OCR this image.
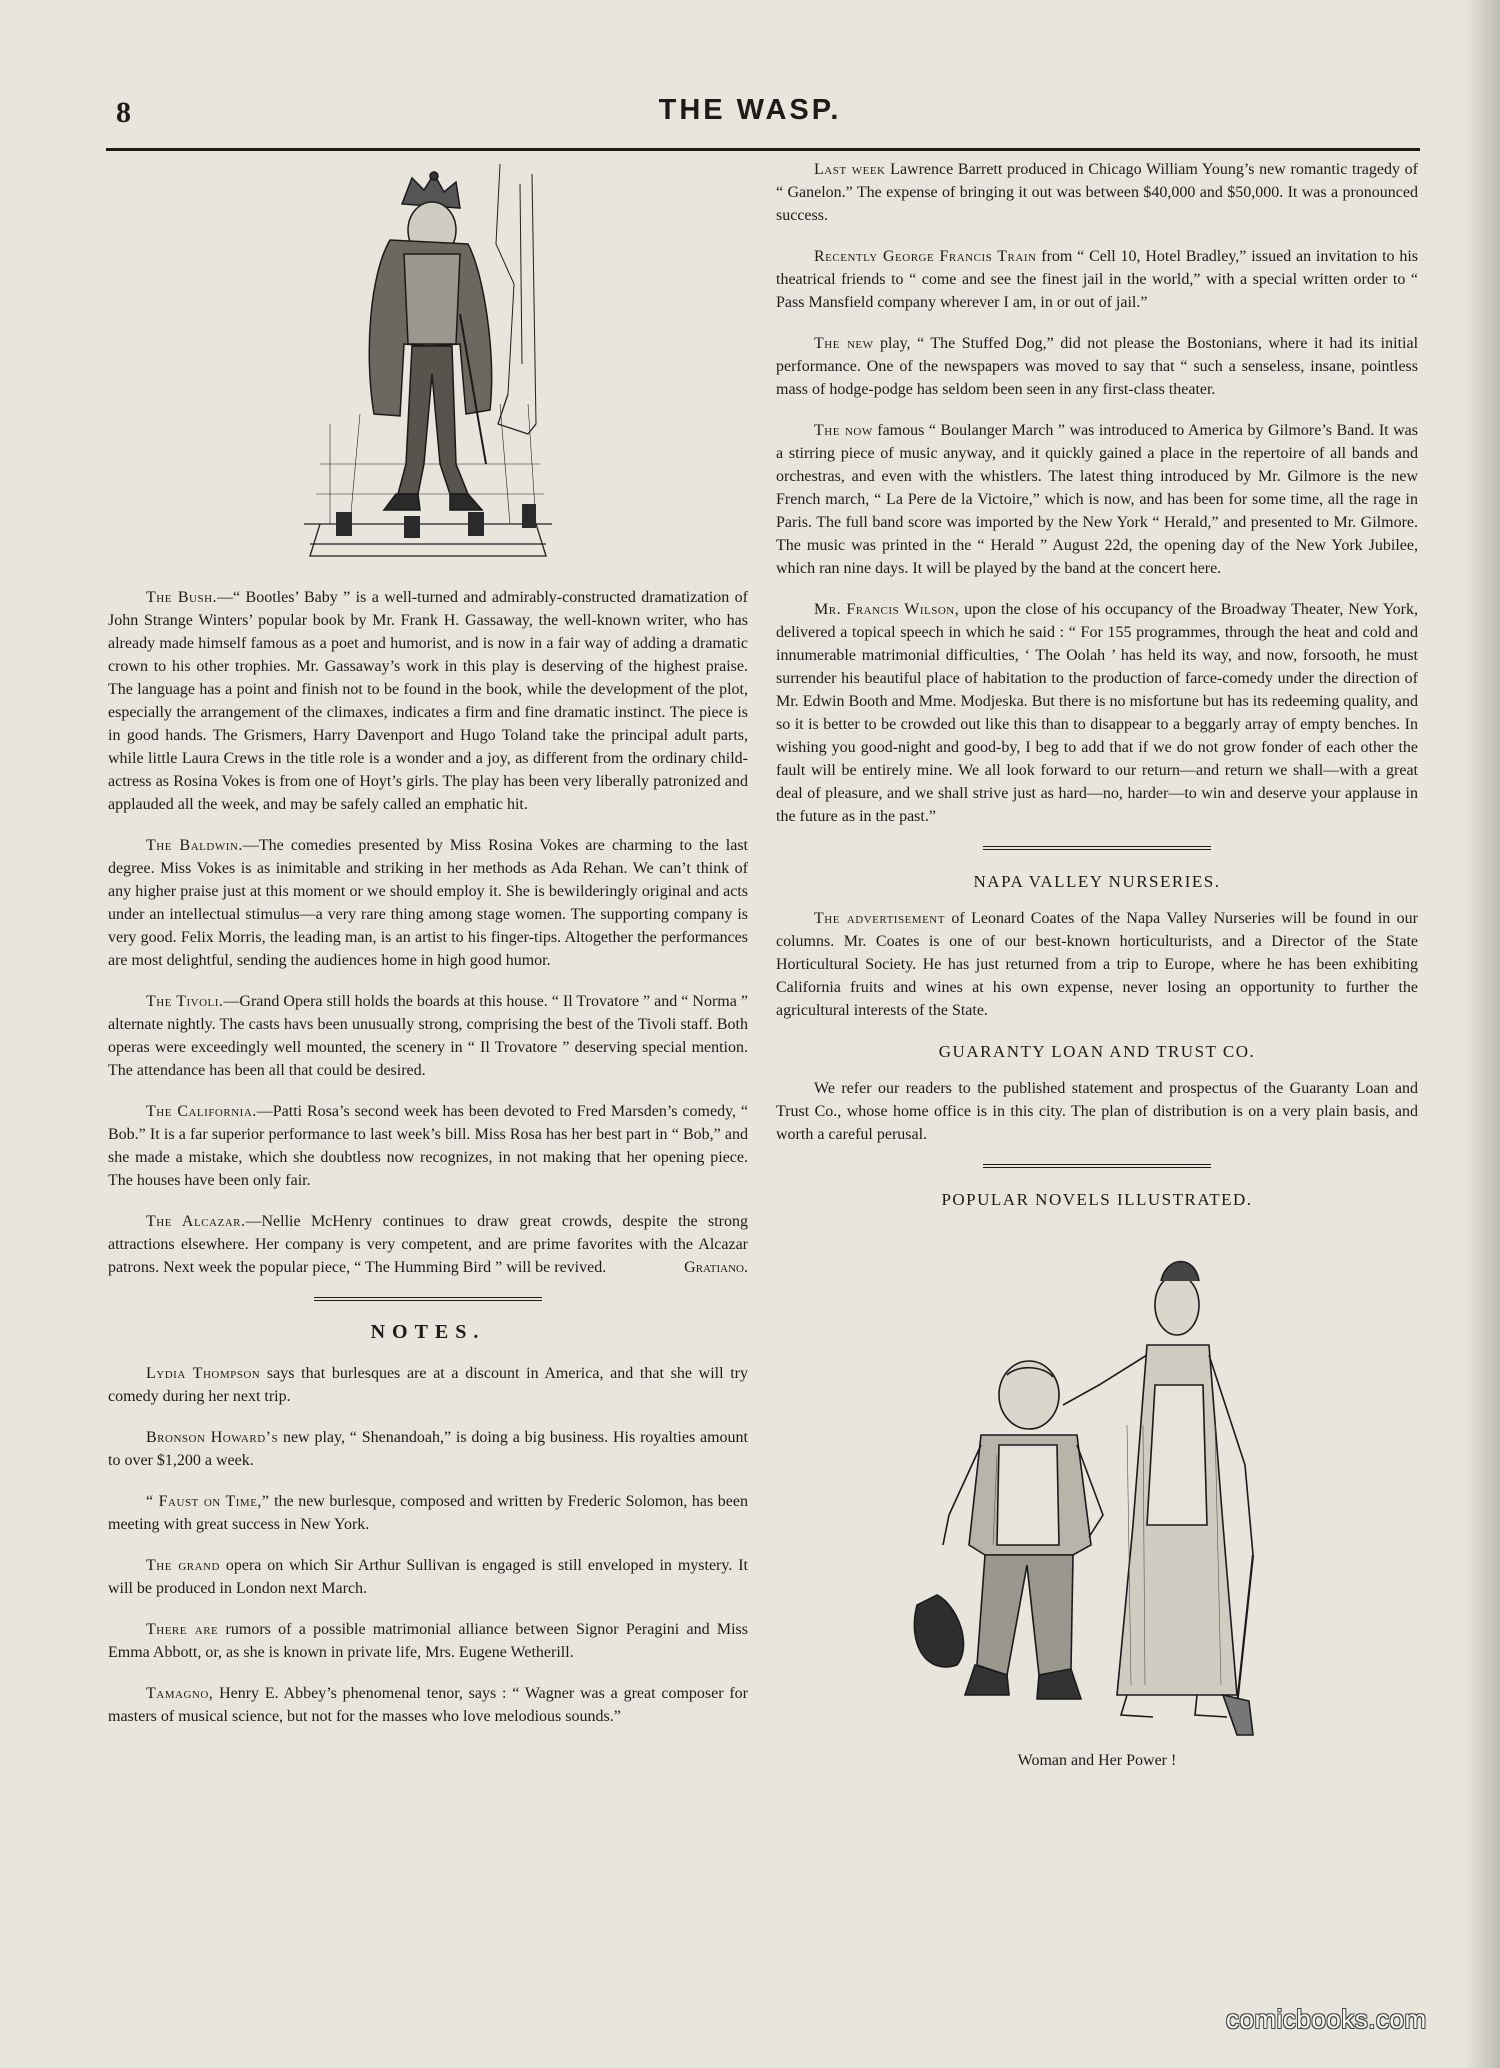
8	THE WASP.

The Bush.—“ Bootles’ Baby ” is a well-turned and admirably-constructed dramatization of John Strange Winters’ popular book by Mr. Frank H. Gassaway, the well-known writer, who has already made himself famous as a poet and humorist, and is now in a fair way of adding a dramatic crown to his other trophies. Mr. Gassaway’s work in this play is deserving of the highest praise. The language has a point and finish not to be found in the book, while the development of the plot, especially the arrangement of the climaxes, indicates a firm and fine dramatic instinct. The piece is in good hands. The Grismers, Harry Davenport and Hugo Toland take the principal adult parts, while little Laura Crews in the title role is a wonder and a joy, as different from the ordinary child-actress as Rosina Vokes is from one of Hoyt’s girls. The play has been very liberally patronized and applauded all the week, and may be safely called an emphatic hit.

The Baldwin.—The comedies presented by Miss Rosina Vokes are charming to the last degree. Miss Vokes is as inimitable and striking in her methods as Ada Rehan. We can’t think of any higher praise just at this moment or we should employ it. She is bewilderingly original and acts under an intellectual stimulus—a very rare thing among stage women. The supporting company is very good. Felix Morris, the leading man, is an artist to his finger-tips. Altogether the performances are most delightful, sending the audiences home in high good humor.

The Tivoli.—Grand Opera still holds the boards at this house. “ Il Trovatore ” and “ Norma ” alternate nightly. The casts havs been unusually strong, comprising the best of the Tivoli staff. Both operas were exceedingly well mounted, the scenery in “ Il Trovatore ” deserving special mention. The attendance has been all that could be desired.

The California.—Patti Rosa’s second week has been devoted to Fred Marsden’s comedy, “ Bob.” It is a far superior performance to last week’s bill. Miss Rosa has her best part in “ Bob,” and she made a mistake, which she doubtless now recognizes, in not making that her opening piece. The houses have been only fair.

The Alcazar.—Nellie McHenry continues to draw great crowds, despite the strong attractions elsewhere. Her company is very competent, and are prime favorites with the Alcazar patrons. Next week the popular piece, “ The Humming Bird ” will be revived.	Gratiano.

NOTES.

Lydia Thompson says that burlesques are at a discount in America, and that she will try comedy during her next trip.

Bronson Howard’s new play, “ Shenandoah,” is doing a big business. His royalties amount to over $1,200 a week.

“ Faust on Time,” the new burlesque, composed and written by Frederic Solomon, has been meeting with great success in New York.

The grand opera on which Sir Arthur Sullivan is engaged is still enveloped in mystery. It will be produced in London next March.

There are rumors of a possible matrimonial alliance between Signor Peragini and Miss Emma Abbott, or, as she is known in private life, Mrs. Eugene Wetherill.

Tamagno, Henry E. Abbey’s phenomenal tenor, says : “ Wagner was a great composer for masters of musical science, but not for the masses who love melodious sounds.”

Last week Lawrence Barrett produced in Chicago William Young’s new romantic tragedy of “ Ganelon.” The expense of bringing it out was between $40,000 and $50,000. It was a pronounced success.

Recently George Francis Train from “ Cell 10, Hotel Bradley,” issued an invitation to his theatrical friends to “ come and see the finest jail in the world,” with a special written order to “ Pass Mansfield company wherever I am, in or out of jail.”

The new play, “ The Stuffed Dog,” did not please the Bostonians, where it had its initial performance. One of the newspapers was moved to say that “ such a senseless, insane, pointless mass of hodge-podge has seldom been seen in any first-class theater.

The now famous “ Boulanger March ” was introduced to America by Gilmore’s Band. It was a stirring piece of music anyway, and it quickly gained a place in the repertoire of all bands and orchestras, and even with the whistlers. The latest thing introduced by Mr. Gilmore is the new French march, “ La Pere de la Victoire,” which is now, and has been for some time, all the rage in Paris. The full band score was imported by the New York “ Herald,” and presented to Mr. Gilmore. The music was printed in the “ Herald ” August 22d, the opening day of the New York Jubilee, which ran nine days. It will be played by the band at the concert here.

Mr. Francis Wilson, upon the close of his occupancy of the Broadway Theater, New York, delivered a topical speech in which he said : “ For 155 programmes, through the heat and cold and innumerable matrimonial difficulties, ‘ The Oolah ’ has held its way, and now, forsooth, he must surrender his beautiful place of habitation to the production of farce-comedy under the direction of Mr. Edwin Booth and Mme. Modjeska. But there is no misfortune but has its redeeming quality, and so it is better to be crowded out like this than to disappear to a beggarly array of empty benches. In wishing you good-night and good-by, I beg to add that if we do not grow fonder of each other the fault will be entirely mine. We all look forward to our return—and return we shall—with a great deal of pleasure, and we shall strive just as hard—no, harder—to win and deserve your applause in the future as in the past.”

NAPA VALLEY NURSERIES.

The advertisement of Leonard Coates of the Napa Valley Nurseries will be found in our columns. Mr. Coates is one of our best-known horticulturists, and a Director of the State Horticultural Society. He has just returned from a trip to Europe, where he has been exhibiting California fruits and wines at his own expense, never losing an opportunity to further the agricultural interests of the State.

GUARANTY LOAN AND TRUST CO.

We refer our readers to the published statement and prospectus of the Guaranty Loan and Trust Co., whose home office is in this city. The plan of distribution is on a very plain basis, and worth a careful perusal.

POPULAR NOVELS ILLUSTRATED.
Woman and Her Power !
comicbooks.com
